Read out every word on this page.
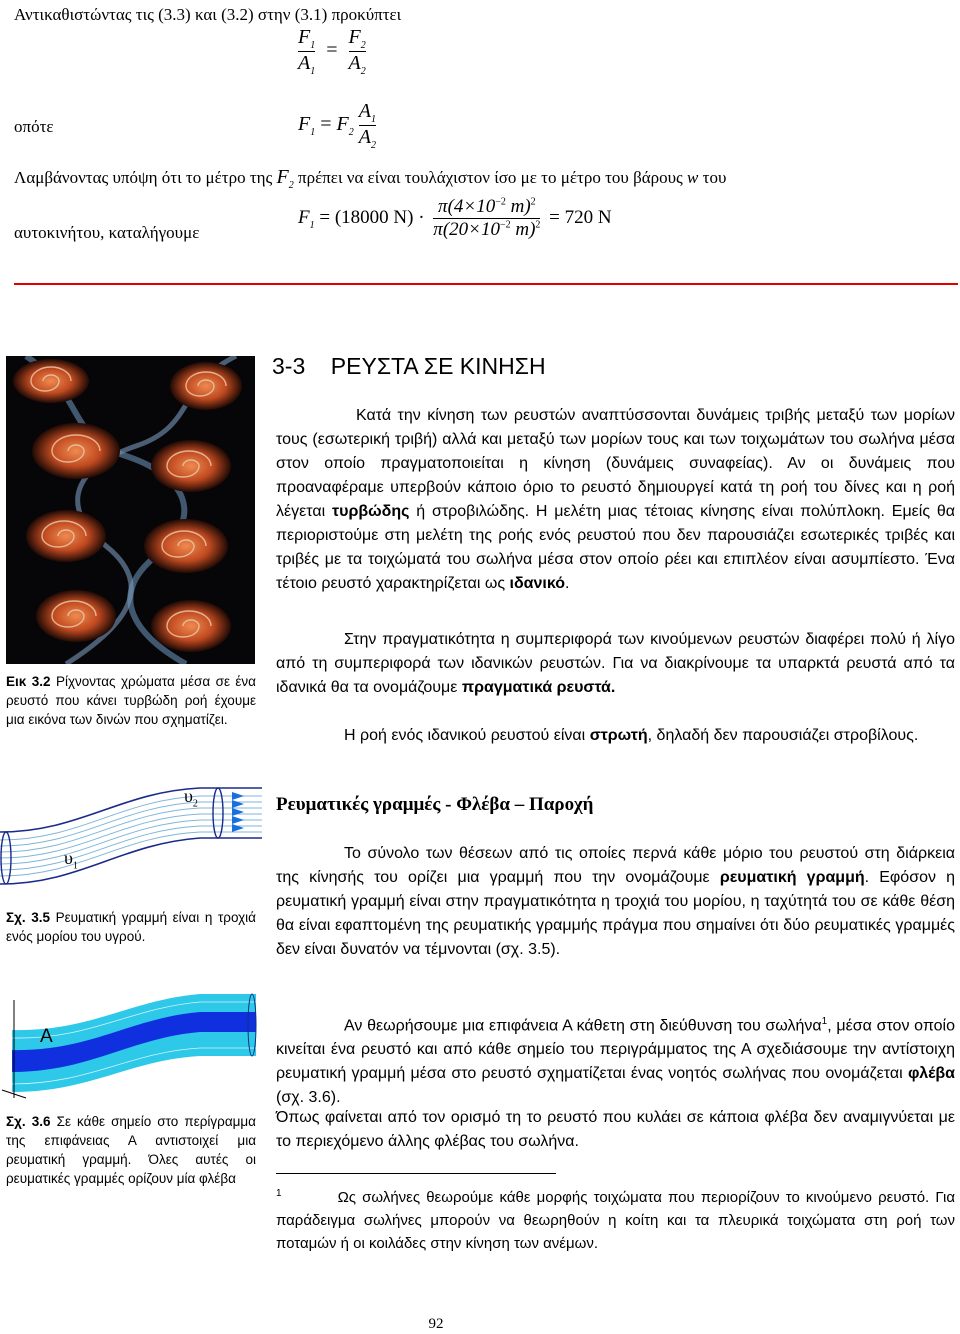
Αντικαθιστώντας τις (3.3) και (3.2) στην (3.1) προκύπτει
$\frac{F_1}{A_1} = \frac{F_2}{A_2}$
οπότε	$F_1 = F_2 \frac{A_1}{A_2}$
Λαμβάνοντας υπόψη ότι το μέτρο της $F_2$ πρέπει να είναι τουλάχιστον ίσο με το μέτρο του βάρους w του
αυτοκινήτου, καταλήγουμε
$F_1 = (18000$ $N) \cdot \frac{\pi(4\times 10^{-2} m)^2}{\pi(20\times 10^{-2} m)^2} = 720$ N
Εικ 3.2 Ρίχνοντας χρώματα μέσα σε ένα ρευστό που κάνει τυρβώδη ροή έχουμε μια εικόνα των δινών που σχηματίζει.
3-3    ΡΕΥΣΤΑ ΣΕ ΚΙΝΗΣΗ
Κατά την κίνηση των ρευστών αναπτύσσονται δυνάμεις τριβής μεταξύ των μορίων τους (εσωτερική τριβή) αλλά και μεταξύ των μορίων τους και των τοιχωμάτων του σωλήνα μέσα στον οποίο πραγματοποιείται η κίνηση (δυνάμεις συναφείας). Αν οι δυνάμεις που προαναφέραμε υπερβούν κάποιο όριο το ρευστό δημιουργεί κατά τη ροή του δίνες και η ροή λέγεται τυρβώδης ή στροβιλώδης. Η μελέτη μιας τέτοιας κίνησης είναι πολύπλοκη. Εμείς θα περιοριστούμε στη μελέτη της ροής ενός ρευστού που δεν παρουσιάζει εσωτερικές τριβές και τριβές με τα τοιχώματά του σωλήνα μέσα στον οποίο ρέει και επιπλέον είναι ασυμπίεστο. Ένα τέτοιο ρευστό χαρακτηρίζεται ως ιδανικό.
Στην πραγματικότητα η συμπεριφορά των κινούμενων ρευστών διαφέρει πολύ ή λίγο από τη συμπεριφορά των ιδανικών ρευστών. Για να διακρίνουμε τα υπαρκτά ρευστά από τα ιδανικά θα τα ονομάζουμε πραγματικά ρευστά.
Η ροή ενός ιδανικού ρευστού είναι στρωτή, δηλαδή δεν παρουσιάζει στροβίλους.
Ρευματικές γραμμές - Φλέβα – Παροχή
Το σύνολο των θέσεων από τις οποίες περνά κάθε μόριο του ρευστού στη διάρκεια της κίνησής του ορίζει μια γραμμή που την ονομάζουμε ρευματική γραμμή. Εφόσον η ρευματική γραμμή είναι στην πραγματικότητα η τροχιά του μορίου, η ταχύτητά του σε κάθε θέση θα είναι εφαπτομένη της ρευματικής γραμμής πράγμα που σημαίνει ότι δύο ρευματικές γραμμές δεν είναι δυνατόν να τέμνονται (σχ. 3.5).
Αν θεωρήσουμε μια επιφάνεια Α κάθετη στη διεύθυνση του σωλήνα$^1$, μέσα στον οποίο κινείται ένα ρευστό και από κάθε σημείο του περιγράμματος της Α σχεδιάσουμε την αντίστοιχη ρευματική γραμμή μέσα στο ρευστό σχηματίζεται ένας νοητός σωλήνας που ονομάζεται φλέβα (σχ. 3.6).
Όπως φαίνεται από τον ορισμό τη το ρευστό που κυλάει σε κάποια φλέβα δεν αναμιγνύεται με το περιεχόμενο άλλης φλέβας του σωλήνα.
$^1$	Ως σωλήνες θεωρούμε κάθε μορφής τοιχώματα που περιορίζουν το κινούμενο ρευστό. Για παράδειγμα σωλήνες μπορούν να θεωρηθούν η κοίτη και τα πλευρικά τοιχώματα στη ροή των ποταμών ή οι κοιλάδες στην κίνηση των ανέμων.
$\upsilon_2$
$\upsilon_1$
Σχ. 3.5 Ρευματική γραμμή είναι η τροχιά ενός μορίου του υγρού.
Α
Σχ. 3.6 Σε κάθε σημείο στο περίγραμμα της επιφάνειας Α αντιστοιχεί μια ρευματική γραμμή. Όλες αυτές οι ρευματικές γραμμές ορίζουν μία φλέβα
92
